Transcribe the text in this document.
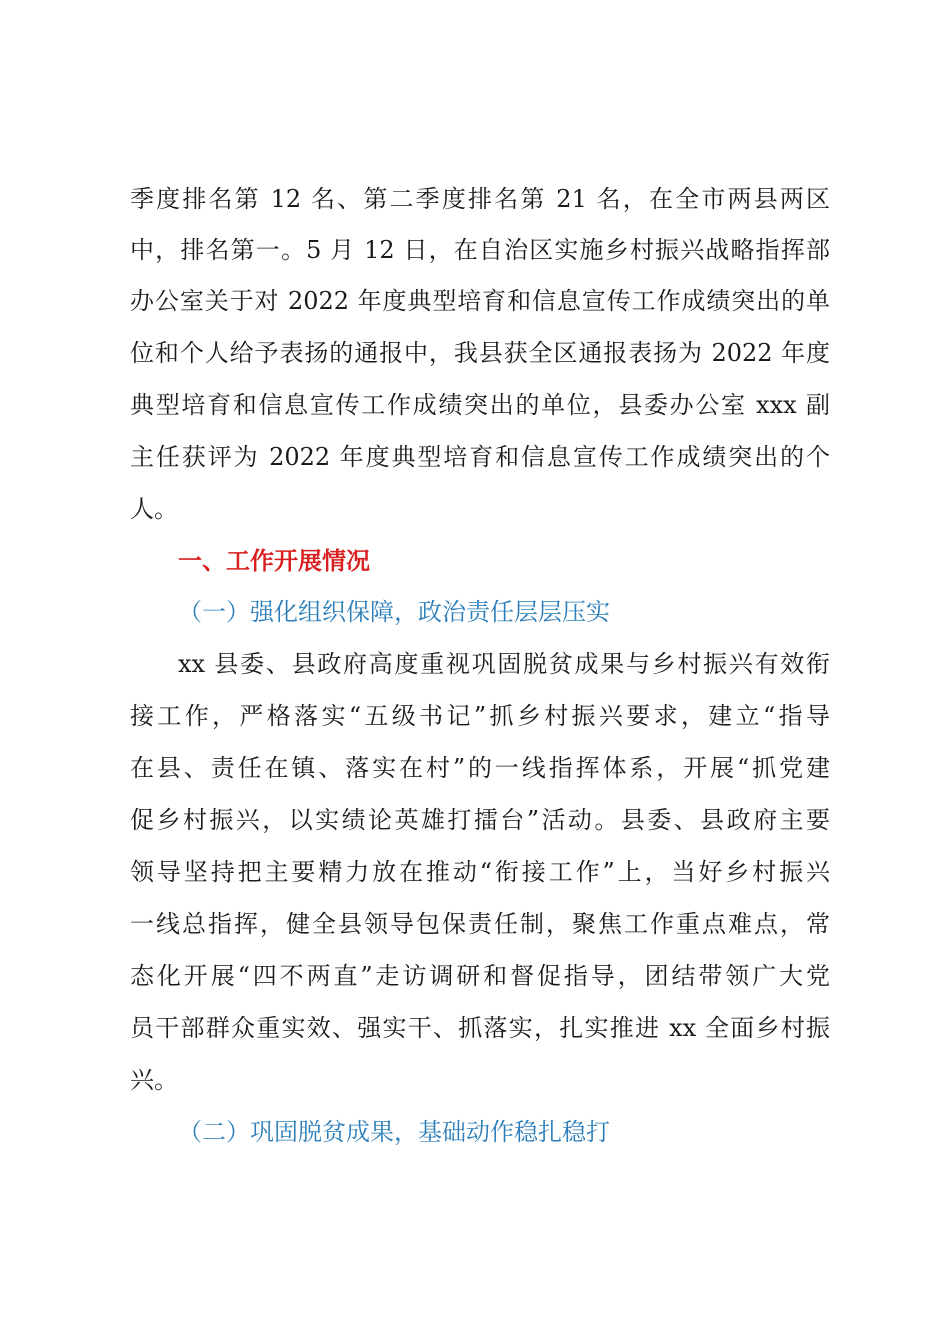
季度排名第 12 名、第二季度排名第 21 名，在全市两县两区
中，排名第一。5 月 12 日，在自治区实施乡村振兴战略指挥部
办公室关于对 2022 年度典型培育和信息宣传工作成绩突出的单
位和个人给予表扬的通报中，我县获全区通报表扬为 2022 年度
典型培育和信息宣传工作成绩突出的单位，县委办公室 xxx 副
主任获评为 2022 年度典型培育和信息宣传工作成绩突出的个
人。
一、工作开展情况
（一）强化组织保障，政治责任层层压实
xx 县委、县政府高度重视巩固脱贫成果与乡村振兴有效衔
接工作，严格落实“五级书记”抓乡村振兴要求，建立“指导
在县、责任在镇、落实在村”的一线指挥体系，开展“抓党建
促乡村振兴，以实绩论英雄打擂台”活动。县委、县政府主要
领导坚持把主要精力放在推动“衔接工作”上，当好乡村振兴
一线总指挥，健全县领导包保责任制，聚焦工作重点难点，常
态化开展“四不两直”走访调研和督促指导，团结带领广大党
员干部群众重实效、强实干、抓落实，扎实推进 xx 全面乡村振
兴。
（二）巩固脱贫成果，基础动作稳扎稳打
